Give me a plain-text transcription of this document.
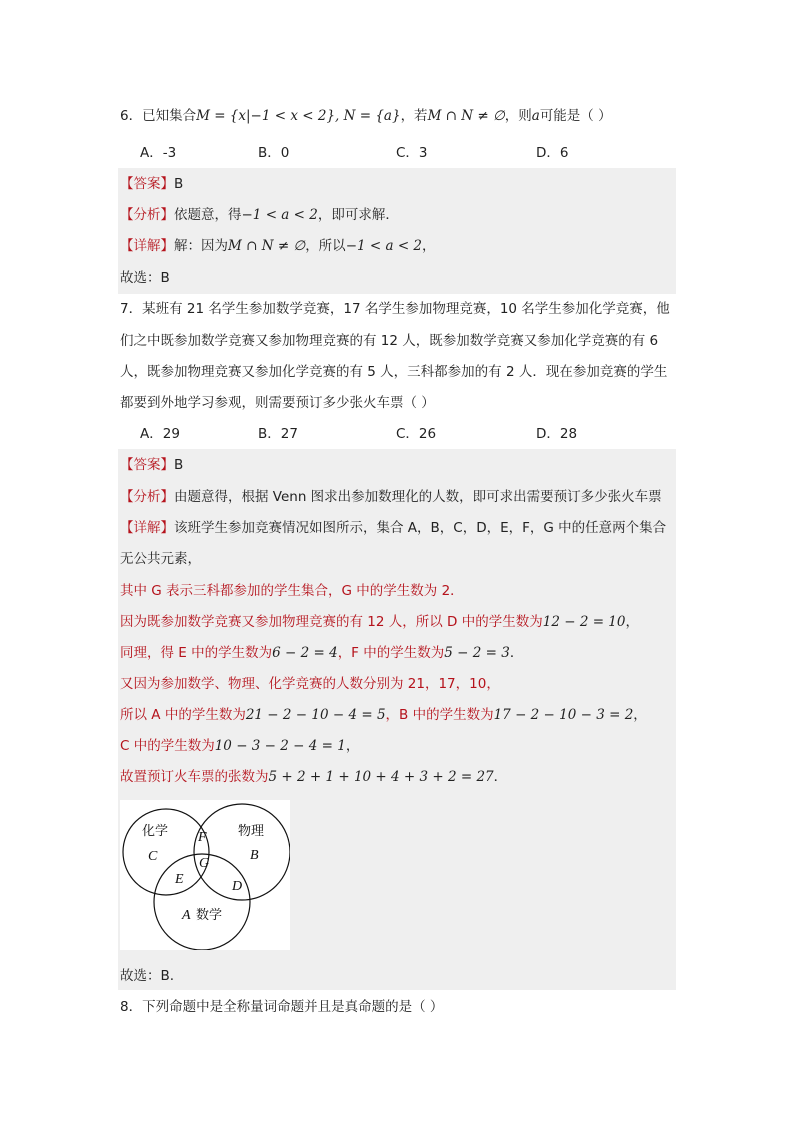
6．已知集合M = {x|−1 < x < 2}, N = {a}，若M ∩ N ≠ ∅，则a可能是（ ）
A．-3	B．0	C．3	D．6
【答案】B
【分析】依题意，得−1 < a < 2，即可求解．
【详解】解：因为M ∩ N ≠ ∅，所以−1 < a < 2，
故选：B
7．某班有 21 名学生参加数学竞赛，17 名学生参加物理竞赛，10 名学生参加化学竞赛，他
们之中既参加数学竞赛又参加物理竞赛的有 12 人，既参加数学竞赛又参加化学竞赛的有 6
人，既参加物理竞赛又参加化学竞赛的有 5 人，三科都参加的有 2 人．现在参加竞赛的学生
都要到外地学习参观，则需要预订多少张火车票（ ）
A．29	B．27	C．26	D．28
【答案】B
【分析】由题意得，根据 Venn 图求出参加数理化的人数，即可求出需要预订多少张火车票
【详解】该班学生参加竞赛情况如图所示，集合 A，B，C，D，E，F，G 中的任意两个集合
无公共元素，
其中 G 表示三科都参加的学生集合，G 中的学生数为 2．
因为既参加数学竞赛又参加物理竞赛的有 12 人，所以 D 中的学生数为12 − 2 = 10，
同理，得 E 中的学生数为6 − 2 = 4，F 中的学生数为5 − 2 = 3．
又因为参加数学、物理、化学竞赛的人数分别为 21，17，10，
所以 A 中的学生数为21 − 2 − 10 − 4 = 5，B 中的学生数为17 − 2 − 10 − 3 = 2，
C 中的学生数为10 − 3 − 2 − 4 = 1，
故置预订火车票的张数为5 + 2 + 1 + 10 + 4 + 3 + 2 = 27．
化学	物理
数学
C
F
B
G
E	D
A
故选：B.
8．下列命题中是全称量词命题并且是真命题的是（ ）
